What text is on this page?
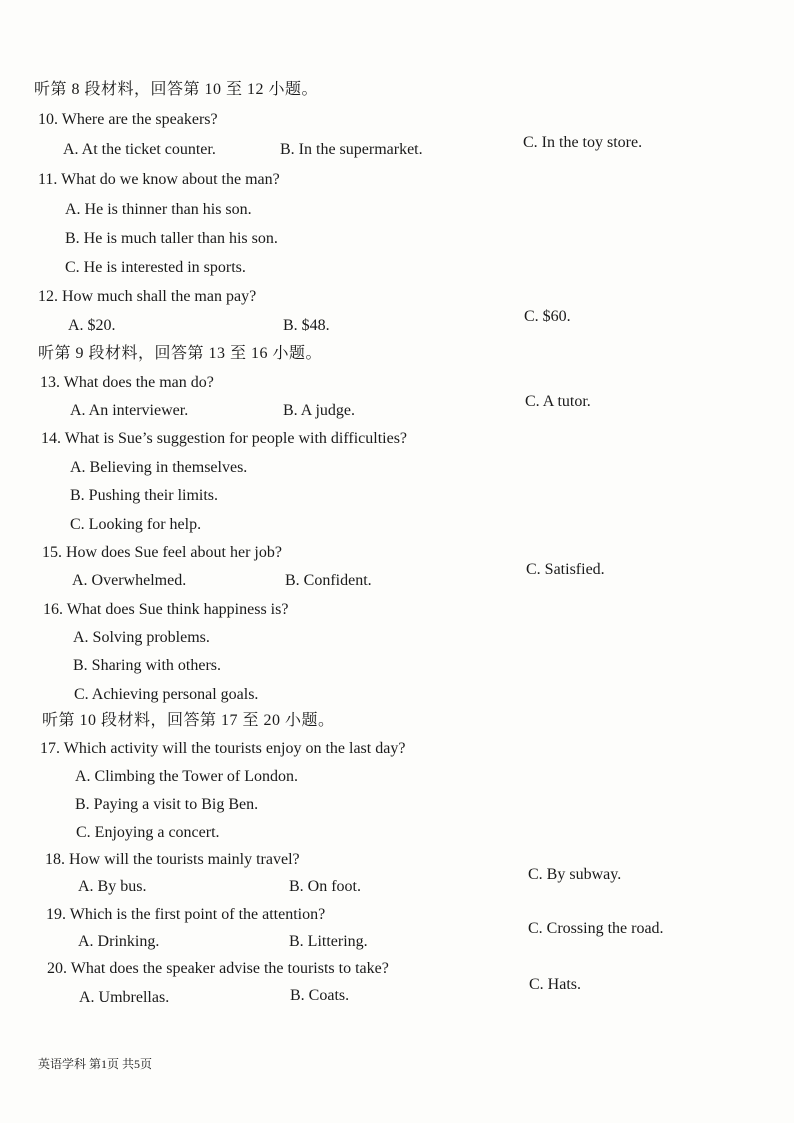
听第 8 段材料，回答第 10 至 12 小题。
10. Where are the speakers?
A. At the ticket counter.	B. In the supermarket.	C. In the toy store.
11. What do we know about the man?
A. He is thinner than his son.
B. He is much taller than his son.
C. He is interested in sports.
12. How much shall the man pay?
A. $20.	B. $48.
C. $60.
听第 9 段材料，回答第 13 至 16 小题。
13. What does the man do?
A. An interviewer.	B. A judge.
C. A tutor.
14. What is Sue’s suggestion for people with difficulties?
A. Believing in themselves.
B. Pushing their limits.
C. Looking for help.
15. How does Sue feel about her job?
A. Overwhelmed.	B. Confident.
C. Satisfied.
16. What does Sue think happiness is?
A. Solving problems.
B. Sharing with others.
C. Achieving personal goals.
听第 10 段材料，回答第 17 至 20 小题。
17. Which activity will the tourists enjoy on the last day?
A. Climbing the Tower of London.
B. Paying a visit to Big Ben.
C. Enjoying a concert.
18. How will the tourists mainly travel?
A. By bus.	B. On foot.
C. By subway.
19. Which is the first point of the attention?
A. Drinking.	B. Littering.
C. Crossing the road.
20. What does the speaker advise the tourists to take?
A. Umbrellas.	B. Coats.
C. Hats.
英语学科 第1页 共5页
